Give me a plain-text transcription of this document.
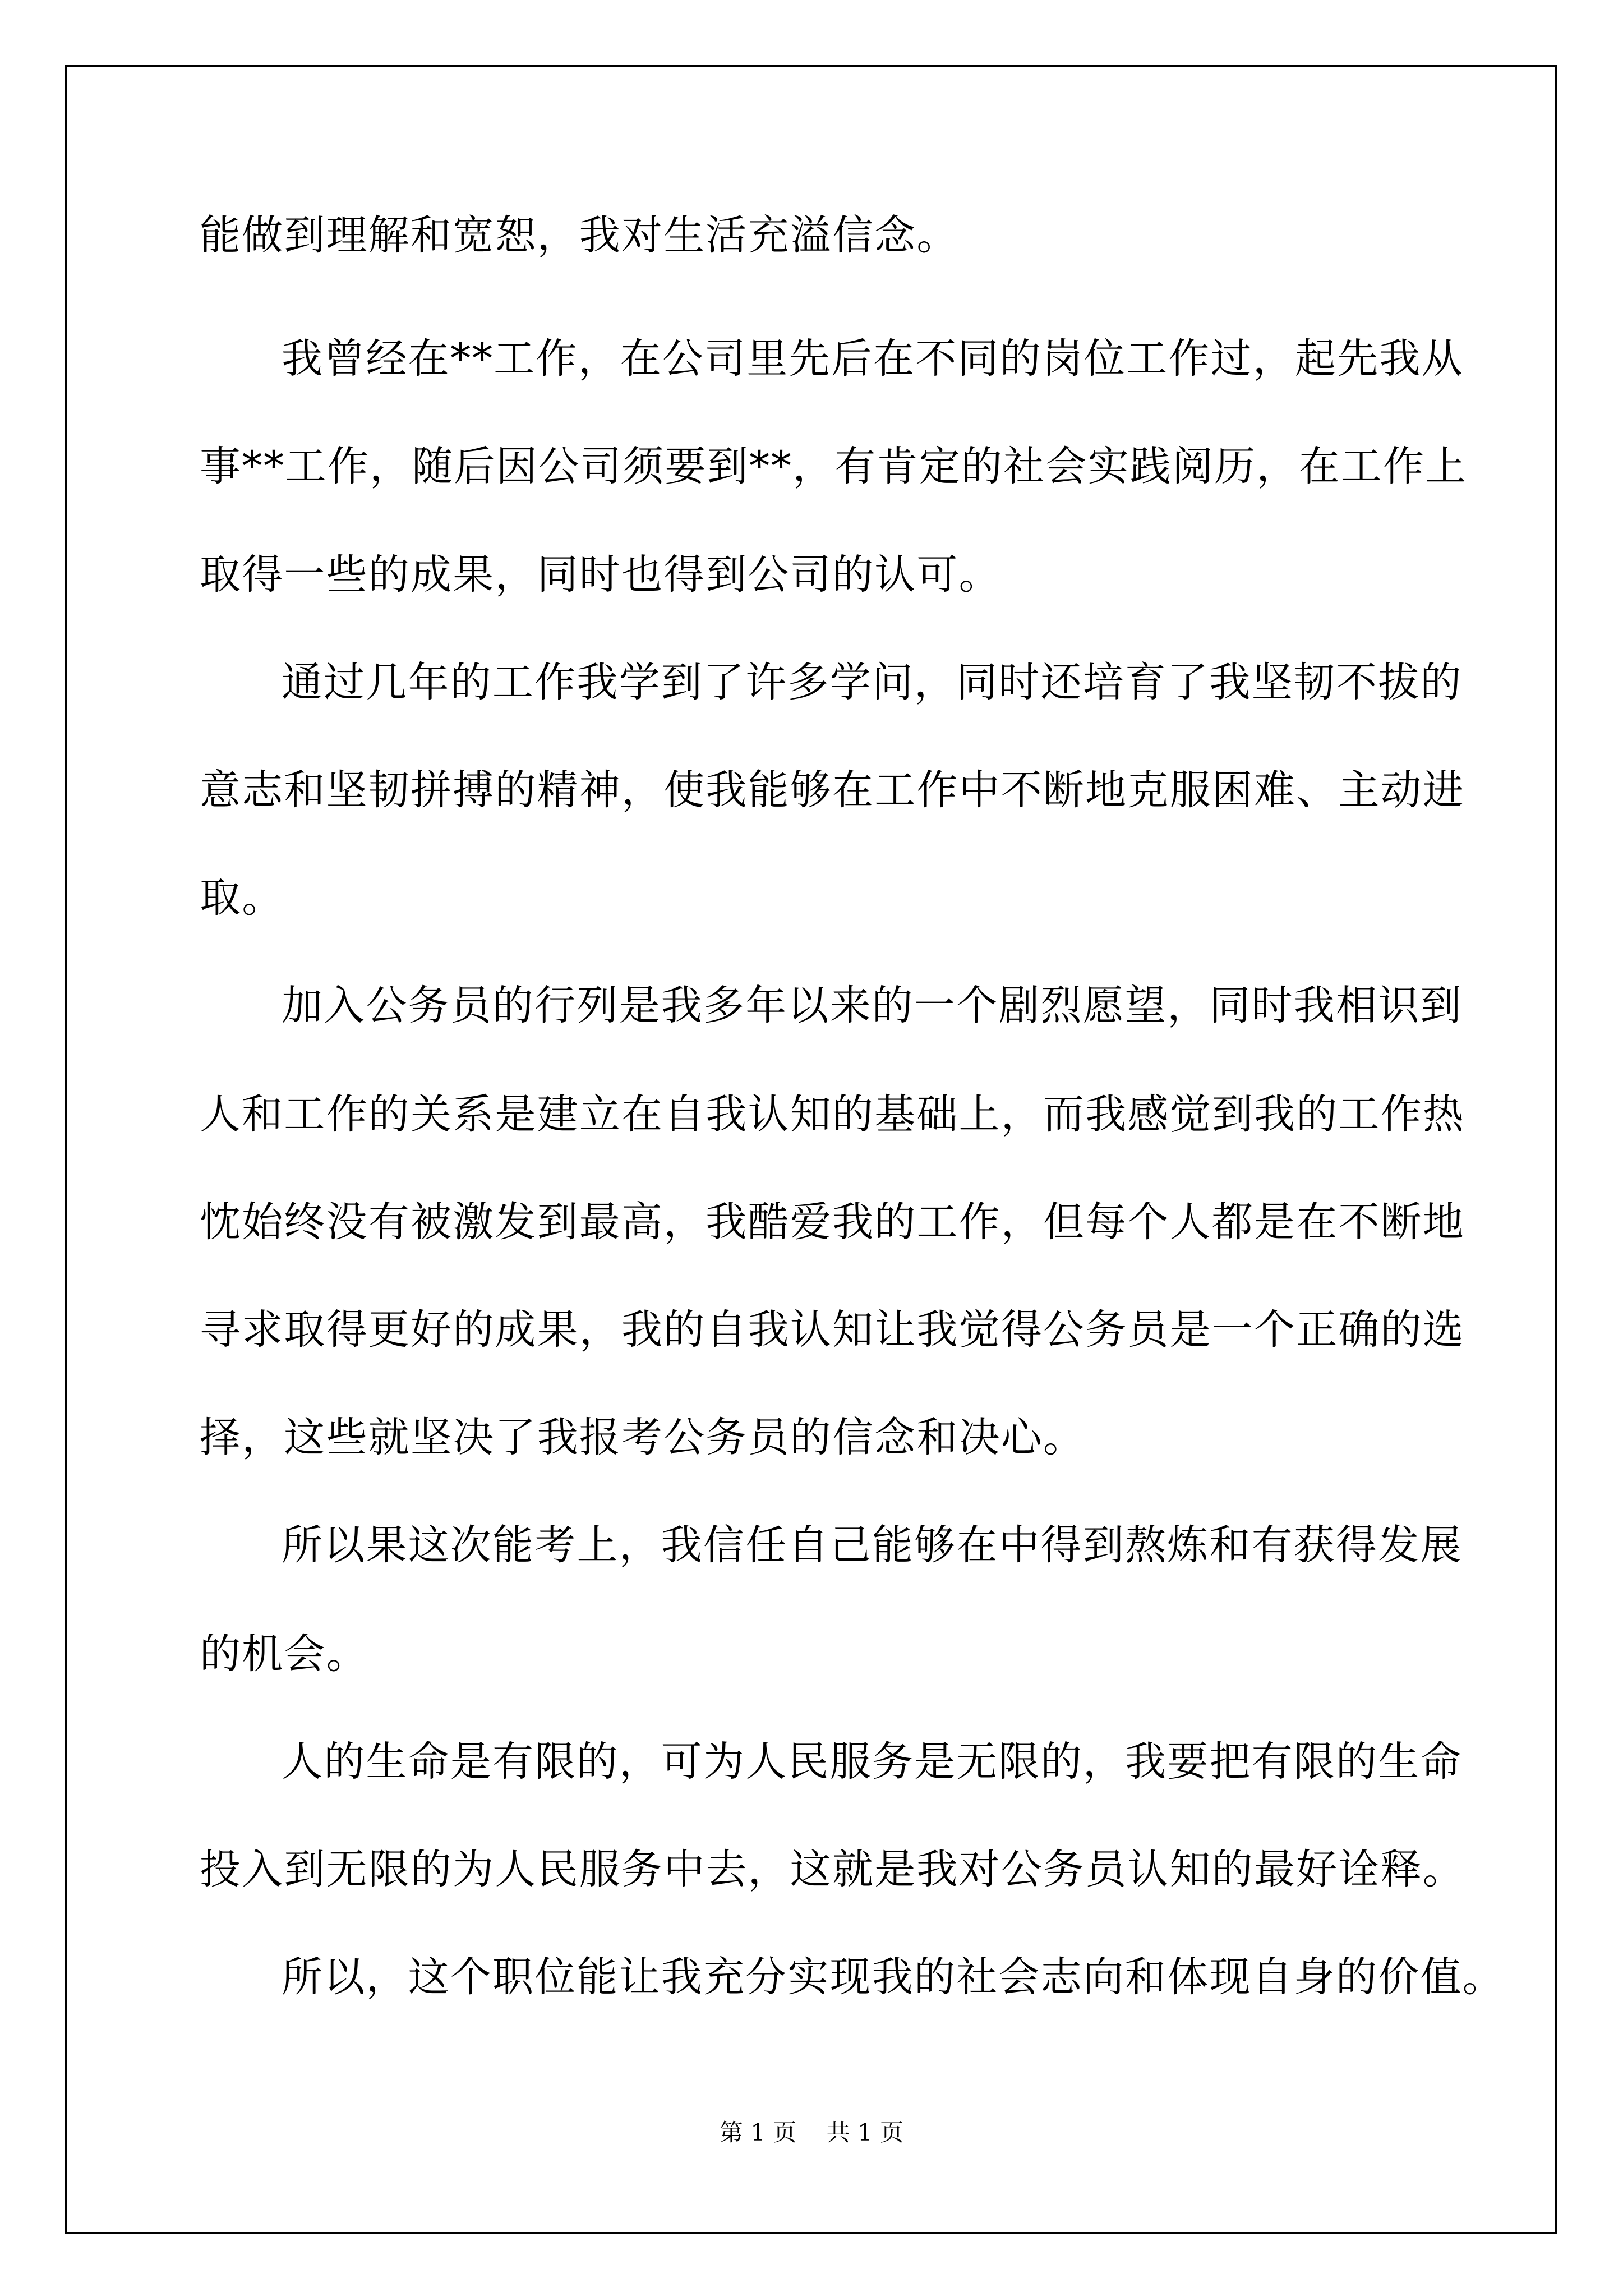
能做到理解和宽恕，我对生活充溢信念。
我曾经在**工作，在公司里先后在不同的岗位工作过，起先我从
事**工作，随后因公司须要到**，有肯定的社会实践阅历，在工作上
取得一些的成果，同时也得到公司的认可。
通过几年的工作我学到了许多学问，同时还培育了我坚韧不拔的
意志和坚韧拼搏的精神，使我能够在工作中不断地克服困难、主动进
取。
加入公务员的行列是我多年以来的一个剧烈愿望，同时我相识到
人和工作的关系是建立在自我认知的基础上，而我感觉到我的工作热
忱始终没有被激发到最高，我酷爱我的工作，但每个人都是在不断地
寻求取得更好的成果，我的自我认知让我觉得公务员是一个正确的选
择，这些就坚决了我报考公务员的信念和决心。
所以果这次能考上，我信任自己能够在中得到熬炼和有获得发展
的机会。
人的生命是有限的，可为人民服务是无限的，我要把有限的生命
投入到无限的为人民服务中去，这就是我对公务员认知的最好诠释。
所以，这个职位能让我充分实现我的社会志向和体现自身的价值。
第 1 页    共 1 页
